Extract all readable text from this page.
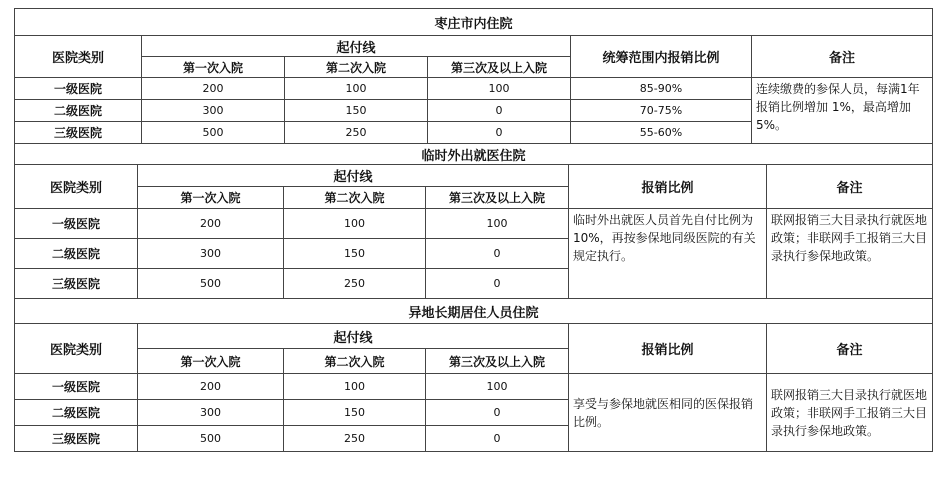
枣庄市内住院					
医院类别	起付线			统筹范围内报销比例	备注
	第一次入院	第二次入院	第三次及以上入院		
一级医院	200	100	100	85-90%	连续缴费的参保人员，每满1年报销比例增加 1%，最高增加 5%。
二级医院	300	150	0	70-75%	
三级医院	500	250	0	55-60%	
临时外出就医住院					
医院类别	起付线			报销比例	备注
	第一次入院	第二次入院	第三次及以上入院		
一级医院	200	100	100	临时外出就医人员首先自付比例为 10%，再按参保地同级医院的有关规定执行。	联网报销三大目录执行就医地政策；非联网手工报销三大目录执行参保地政策。
二级医院	300	150	0		
三级医院	500	250	0		
异地长期居住人员住院					
医院类别	起付线			报销比例	备注
	第一次入院	第二次入院	第三次及以上入院		
一级医院	200	100	100	享受与参保地就医相同的医保报销比例。	联网报销三大目录执行就医地政策；非联网手工报销三大目录执行参保地政策。
二级医院	300	150	0		
三级医院	500	250	0		
